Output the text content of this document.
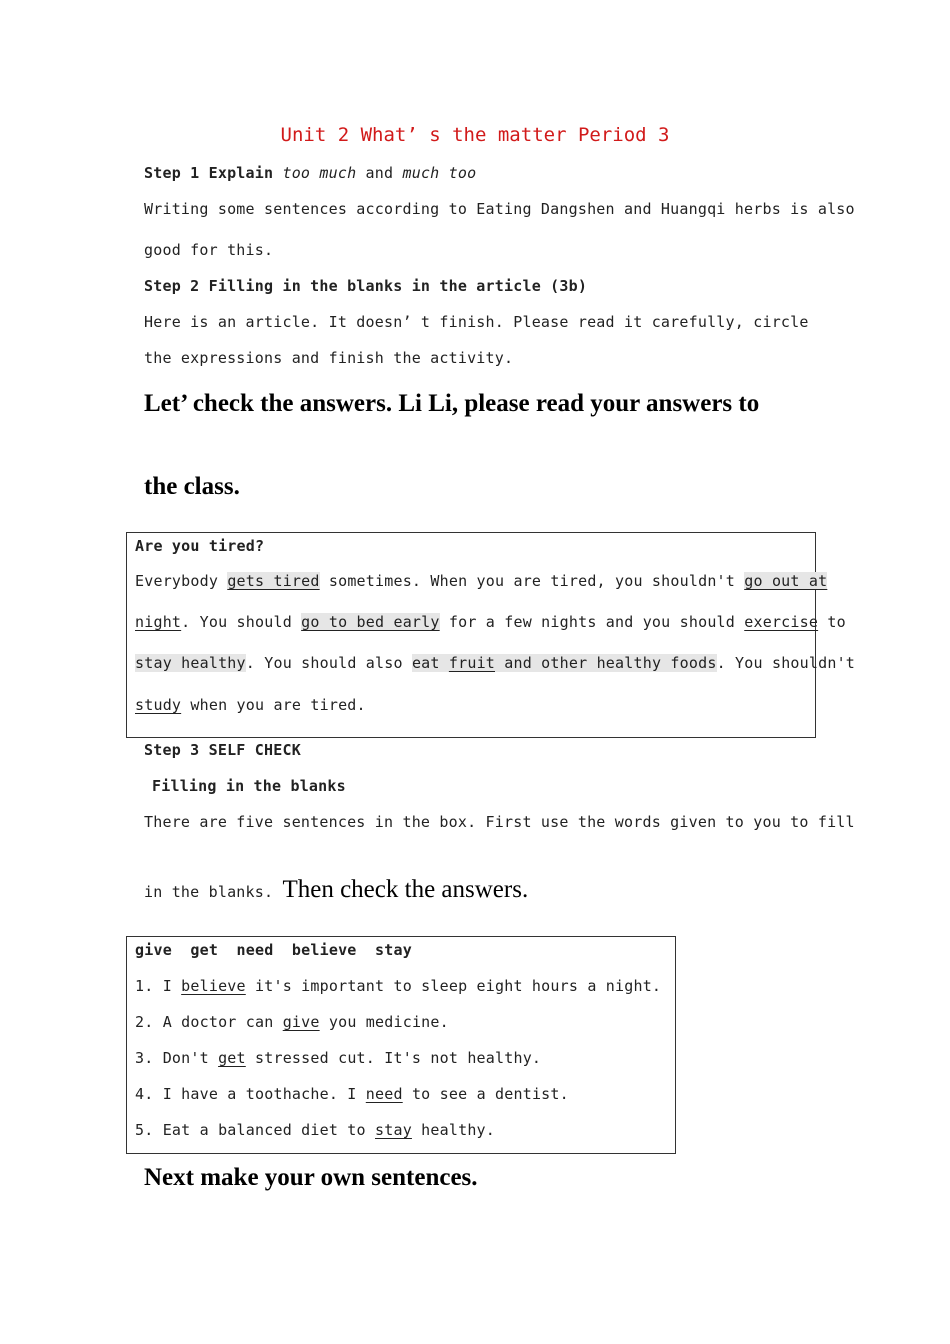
Unit 2 What’ s the matter Period 3
Step 1 Explain too much and much too
Writing some sentences according to Eating Dangshen and Huangqi herbs is also
good for this.
Step 2 Filling in the blanks in the article (3b)
Here is an article. It doesn’ t finish. Please read it carefully, circle
the expressions and finish the activity.
Let’ check the answers. Li Li, please read your answers to
the class.
Are you tired?
Everybody gets tired sometimes. When you are tired, you shouldn't go out at
night. You should go to bed early for a few nights and you should exercise to
stay healthy. You should also eat fruit and other healthy foods. You shouldn't
study when you are tired.
Step 3 SELF CHECK
Filling in the blanks
There are five sentences in the box. First use the words given to you to fill
in the blanks. Then check the answers.
give  get  need  believe  stay
1. I believe it's important to sleep eight hours a night.
2. A doctor can give you medicine.
3. Don't get stressed cut. It's not healthy.
4. I have a toothache. I need to see a dentist.
5. Eat a balanced diet to stay healthy.
Next make your own sentences.
